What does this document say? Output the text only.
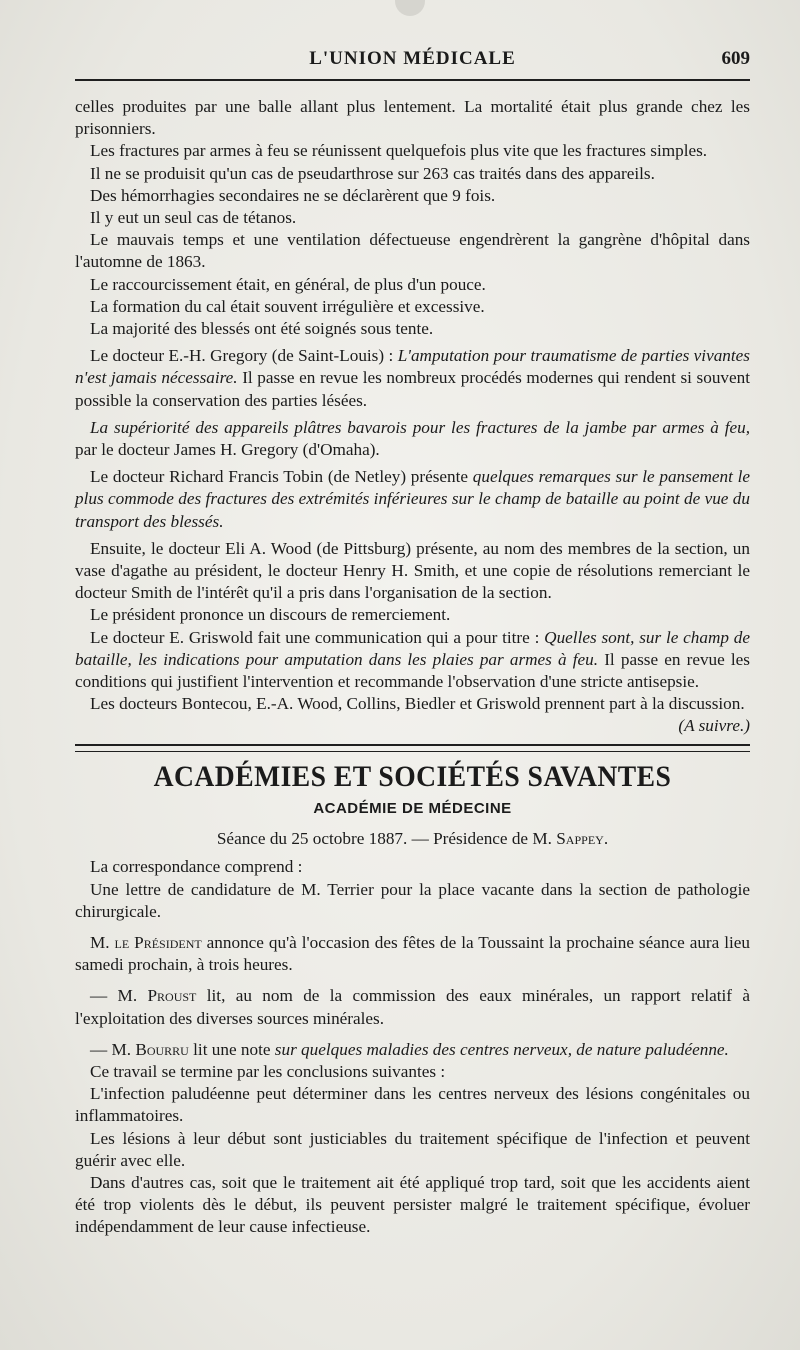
L'UNION MÉDICALE	609

celles produites par une balle allant plus lentement. La mortalité était plus grande chez les prisonniers.

Les fractures par armes à feu se réunissent quelquefois plus vite que les fractures simples.

Il ne se produisit qu'un cas de pseudarthrose sur 263 cas traités dans des appareils.

Des hémorrhagies secondaires ne se déclarèrent que 9 fois.

Il y eut un seul cas de tétanos.

Le mauvais temps et une ventilation défectueuse engendrèrent la gangrène d'hôpital dans l'automne de 1863.

Le raccourcissement était, en général, de plus d'un pouce.

La formation du cal était souvent irrégulière et excessive.

La majorité des blessés ont été soignés sous tente.

Le docteur E.-H. Gregory (de Saint-Louis) : L'amputation pour traumatisme de parties vivantes n'est jamais nécessaire. Il passe en revue les nombreux procédés modernes qui rendent si souvent possible la conservation des parties lésées.

La supériorité des appareils plâtres bavarois pour les fractures de la jambe par armes à feu, par le docteur James H. Gregory (d'Omaha).

Le docteur Richard Francis Tobin (de Netley) présente quelques remarques sur le pansement le plus commode des fractures des extrémités inférieures sur le champ de bataille au point de vue du transport des blessés.

Ensuite, le docteur Eli A. Wood (de Pittsburg) présente, au nom des membres de la section, un vase d'agathe au président, le docteur Henry H. Smith, et une copie de résolutions remerciant le docteur Smith de l'intérêt qu'il a pris dans l'organisation de la section.

Le président prononce un discours de remerciement.

Le docteur E. Griswold fait une communication qui a pour titre : Quelles sont, sur le champ de bataille, les indications pour amputation dans les plaies par armes à feu. Il passe en revue les conditions qui justifient l'intervention et recommande l'observation d'une stricte antisepsie.

Les docteurs Bontecou, E.-A. Wood, Collins, Biedler et Griswold prennent part à la discussion.
(A suivre.)

ACADÉMIES ET SOCIÉTÉS SAVANTES

ACADÉMIE DE MÉDECINE

Séance du 25 octobre 1887. — Présidence de M. Sappey.

La correspondance comprend :

Une lettre de candidature de M. Terrier pour la place vacante dans la section de pathologie chirurgicale.

M. le Président annonce qu'à l'occasion des fêtes de la Toussaint la prochaine séance aura lieu samedi prochain, à trois heures.

— M. Proust lit, au nom de la commission des eaux minérales, un rapport relatif à l'exploitation des diverses sources minérales.

— M. Bourru lit une note sur quelques maladies des centres nerveux, de nature paludéenne.

Ce travail se termine par les conclusions suivantes :

L'infection paludéenne peut déterminer dans les centres nerveux des lésions congénitales ou inflammatoires.

Les lésions à leur début sont justiciables du traitement spécifique de l'infection et peuvent guérir avec elle.

Dans d'autres cas, soit que le traitement ait été appliqué trop tard, soit que les accidents aient été trop violents dès le début, ils peuvent persister malgré le traitement spécifique, évoluer indépendamment de leur cause infectieuse.
